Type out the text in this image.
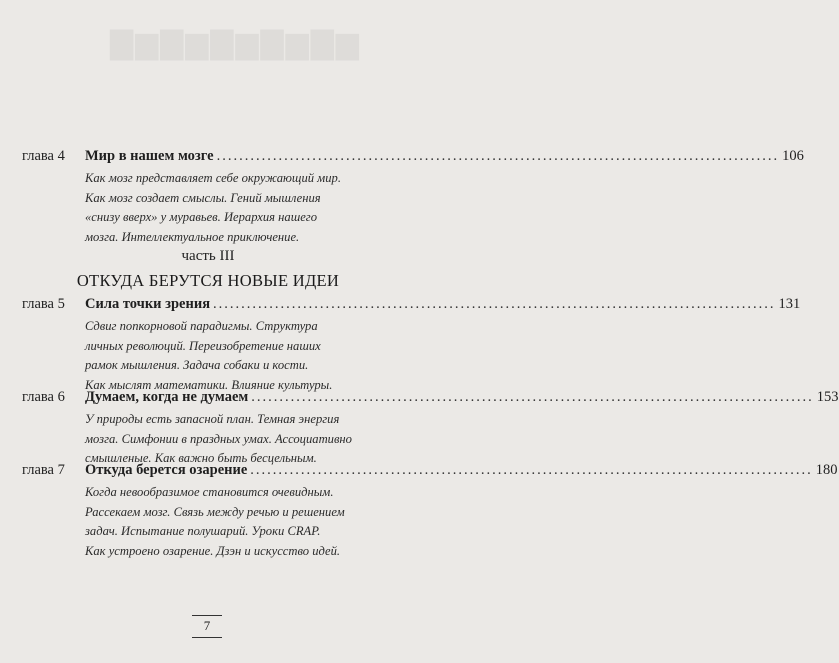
▇▆▇▆▇▆▇▆▇▆
глава 4 Мир в нашем мозге .....	106
Как мозг представляет себе окружающий мир.
Как мозг создает смыслы. Гений мышления
«снизу вверх» у муравьев. Иерархия нашего
мозга. Интеллектуальное приключение.
часть III
ОТКУДА БЕРУТСЯ НОВЫЕ ИДЕИ
глава 5 Сила точки зрения .....	131
Сдвиг попкорновой парадигмы. Структура
личных революций. Переизобретение наших
рамок мышления. Задача собаки и кости.
Как мыслят математики. Влияние культуры.
глава 6 Думаем, когда не думаем .....	153
У природы есть запасной план. Темная энергия
мозга. Симфонии в праздных умах. Ассоциативно
смышленые. Как важно быть бесцельным.
глава 7 Откуда берется озарение .....	180
Когда невообразимое становится очевидным.
Рассекаем мозг. Связь между речью и решением
задач. Испытание полушарий. Уроки CRAP.
Как устроено озарение. Дзэн и искусство идей.
7
